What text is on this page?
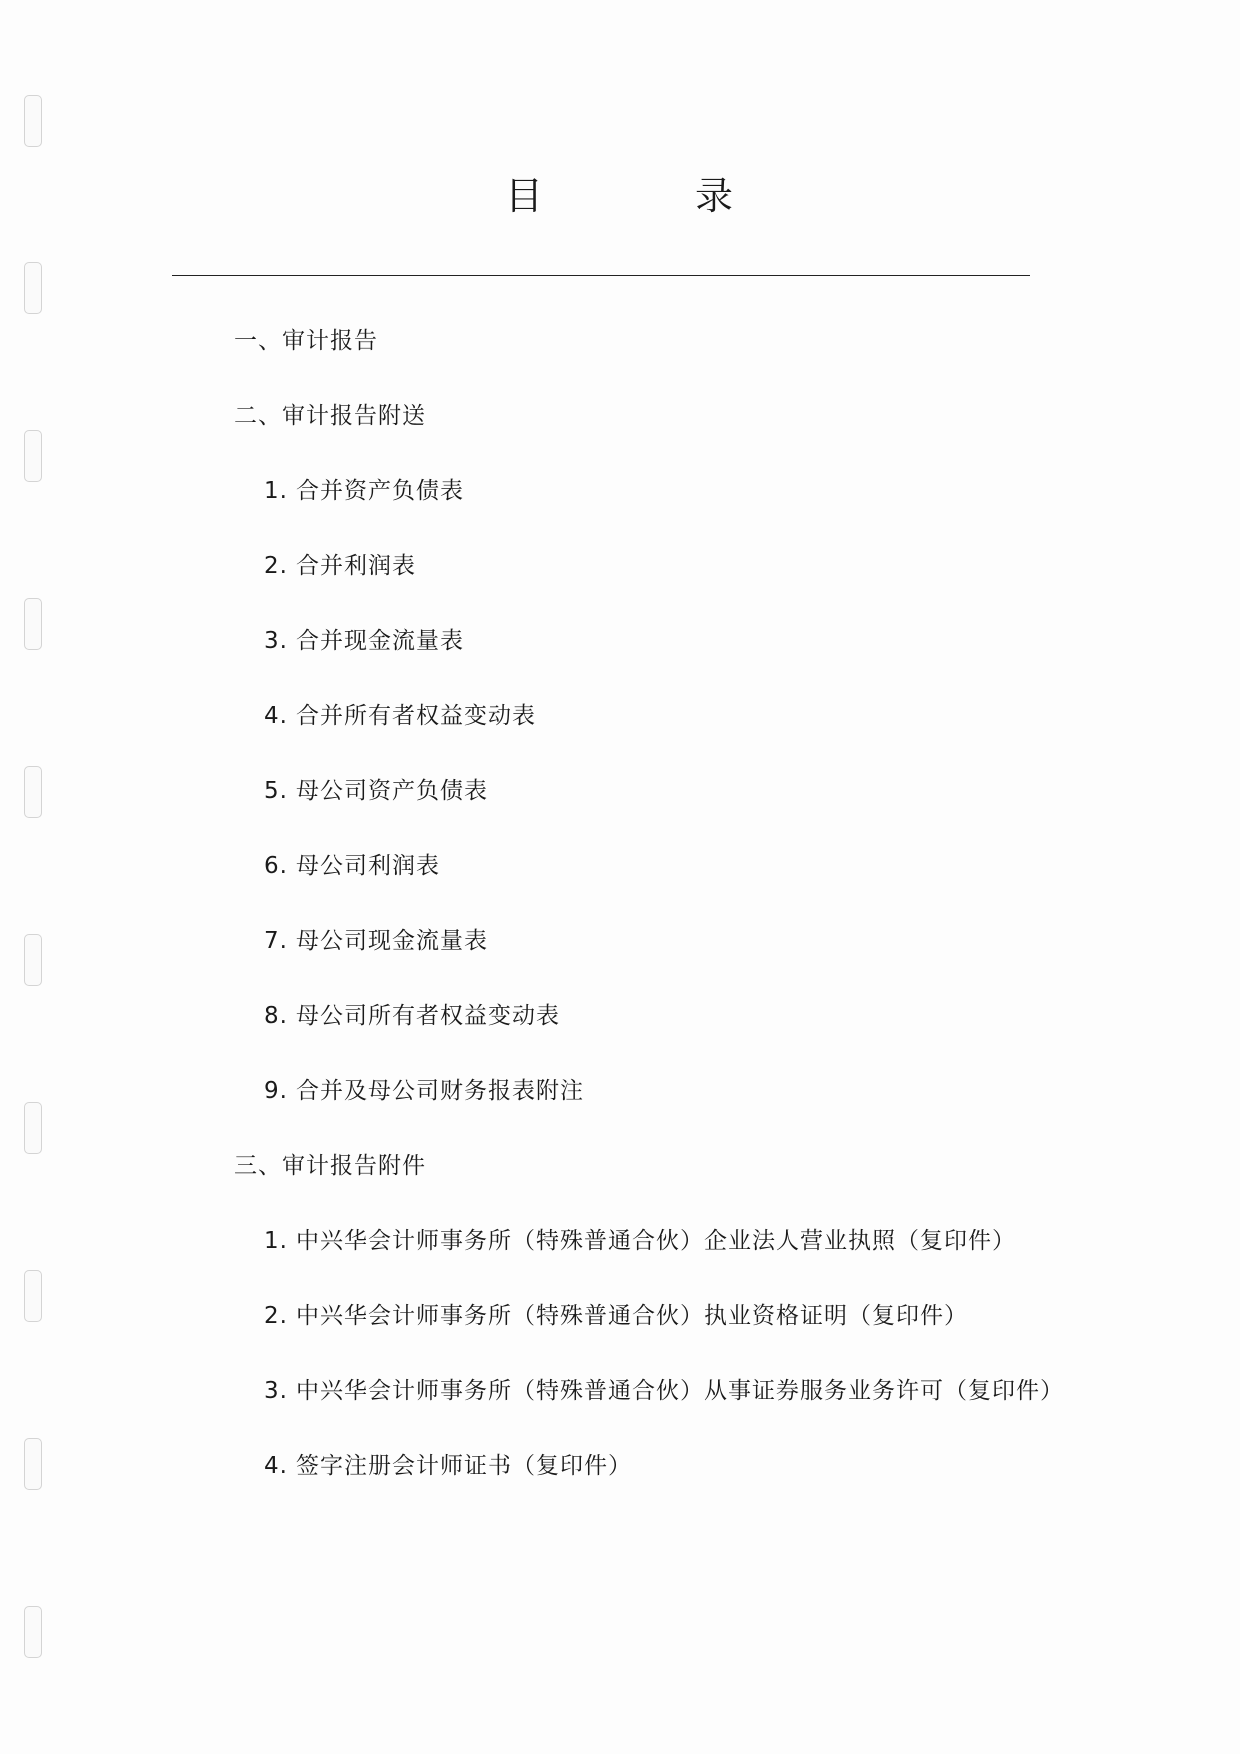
目	录
一、审计报告
二、审计报告附送
1. 合并资产负债表
2. 合并利润表
3. 合并现金流量表
4. 合并所有者权益变动表
5. 母公司资产负债表
6. 母公司利润表
7. 母公司现金流量表
8. 母公司所有者权益变动表
9. 合并及母公司财务报表附注
三、审计报告附件
1. 中兴华会计师事务所（特殊普通合伙）企业法人营业执照（复印件）
2. 中兴华会计师事务所（特殊普通合伙）执业资格证明（复印件）
3. 中兴华会计师事务所（特殊普通合伙）从事证券服务业务许可（复印件）
4. 签字注册会计师证书（复印件）
